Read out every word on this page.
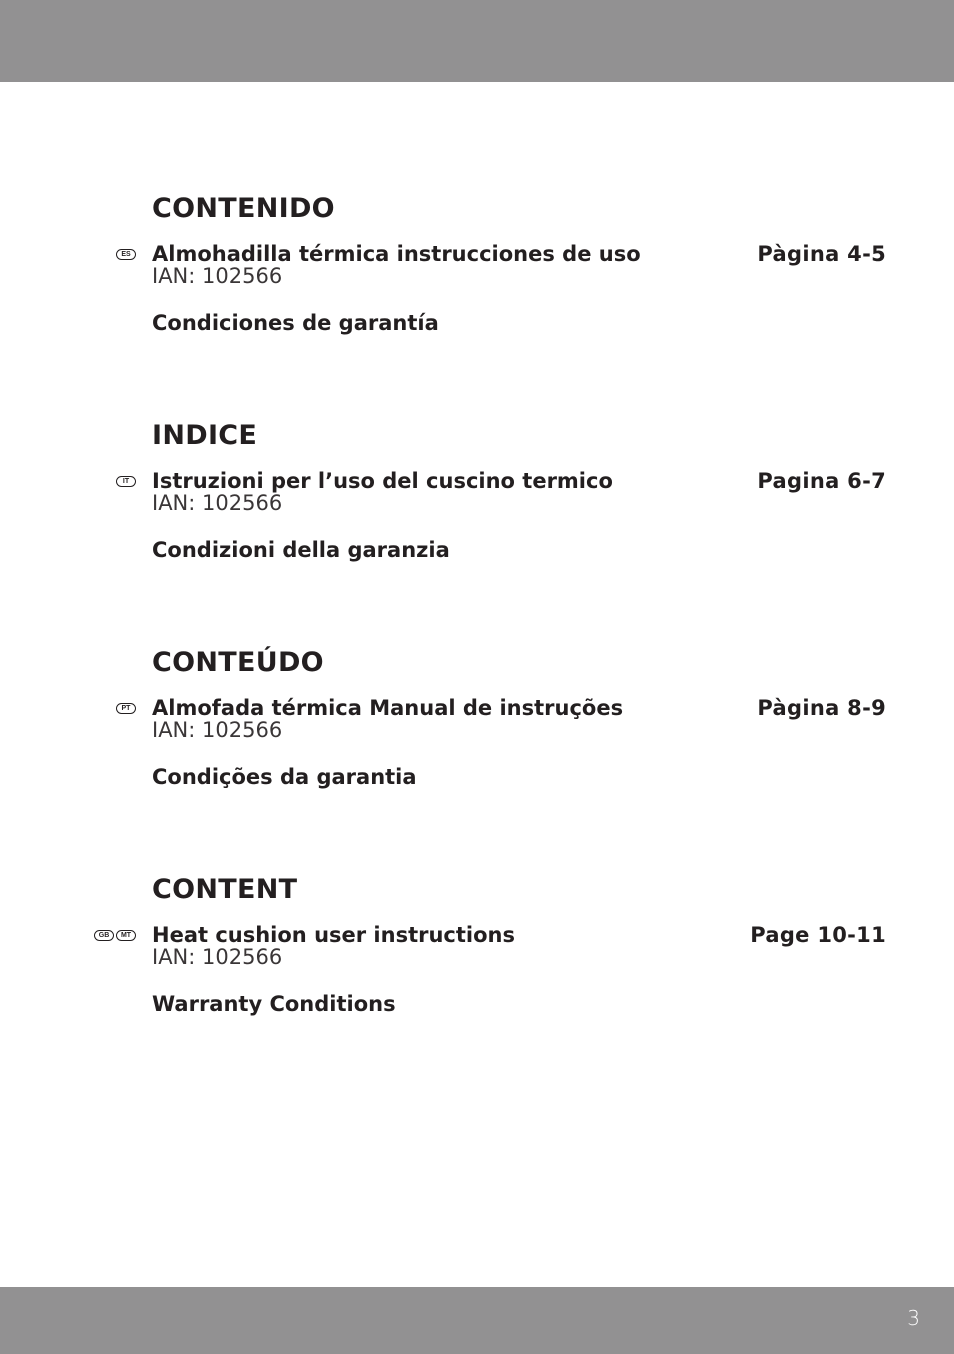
CONTENIDO
ES Almohadilla térmica instrucciones de uso	Pàgina 4-5
IAN: 102566
Condiciones de garantía
INDICE
IT	Istruzioni per l’uso del cuscino termico	Pagina 6-7
IAN: 102566
Condizioni della garanzia
CONTEÚDO
PT Almofada térmica Manual de instruções	Pàgina 8-9
IAN: 102566
Condições da garantia
CONTENT
GB	MT Heat cushion user instructions	Page 10-11
IAN: 102566
Warranty Conditions
3
